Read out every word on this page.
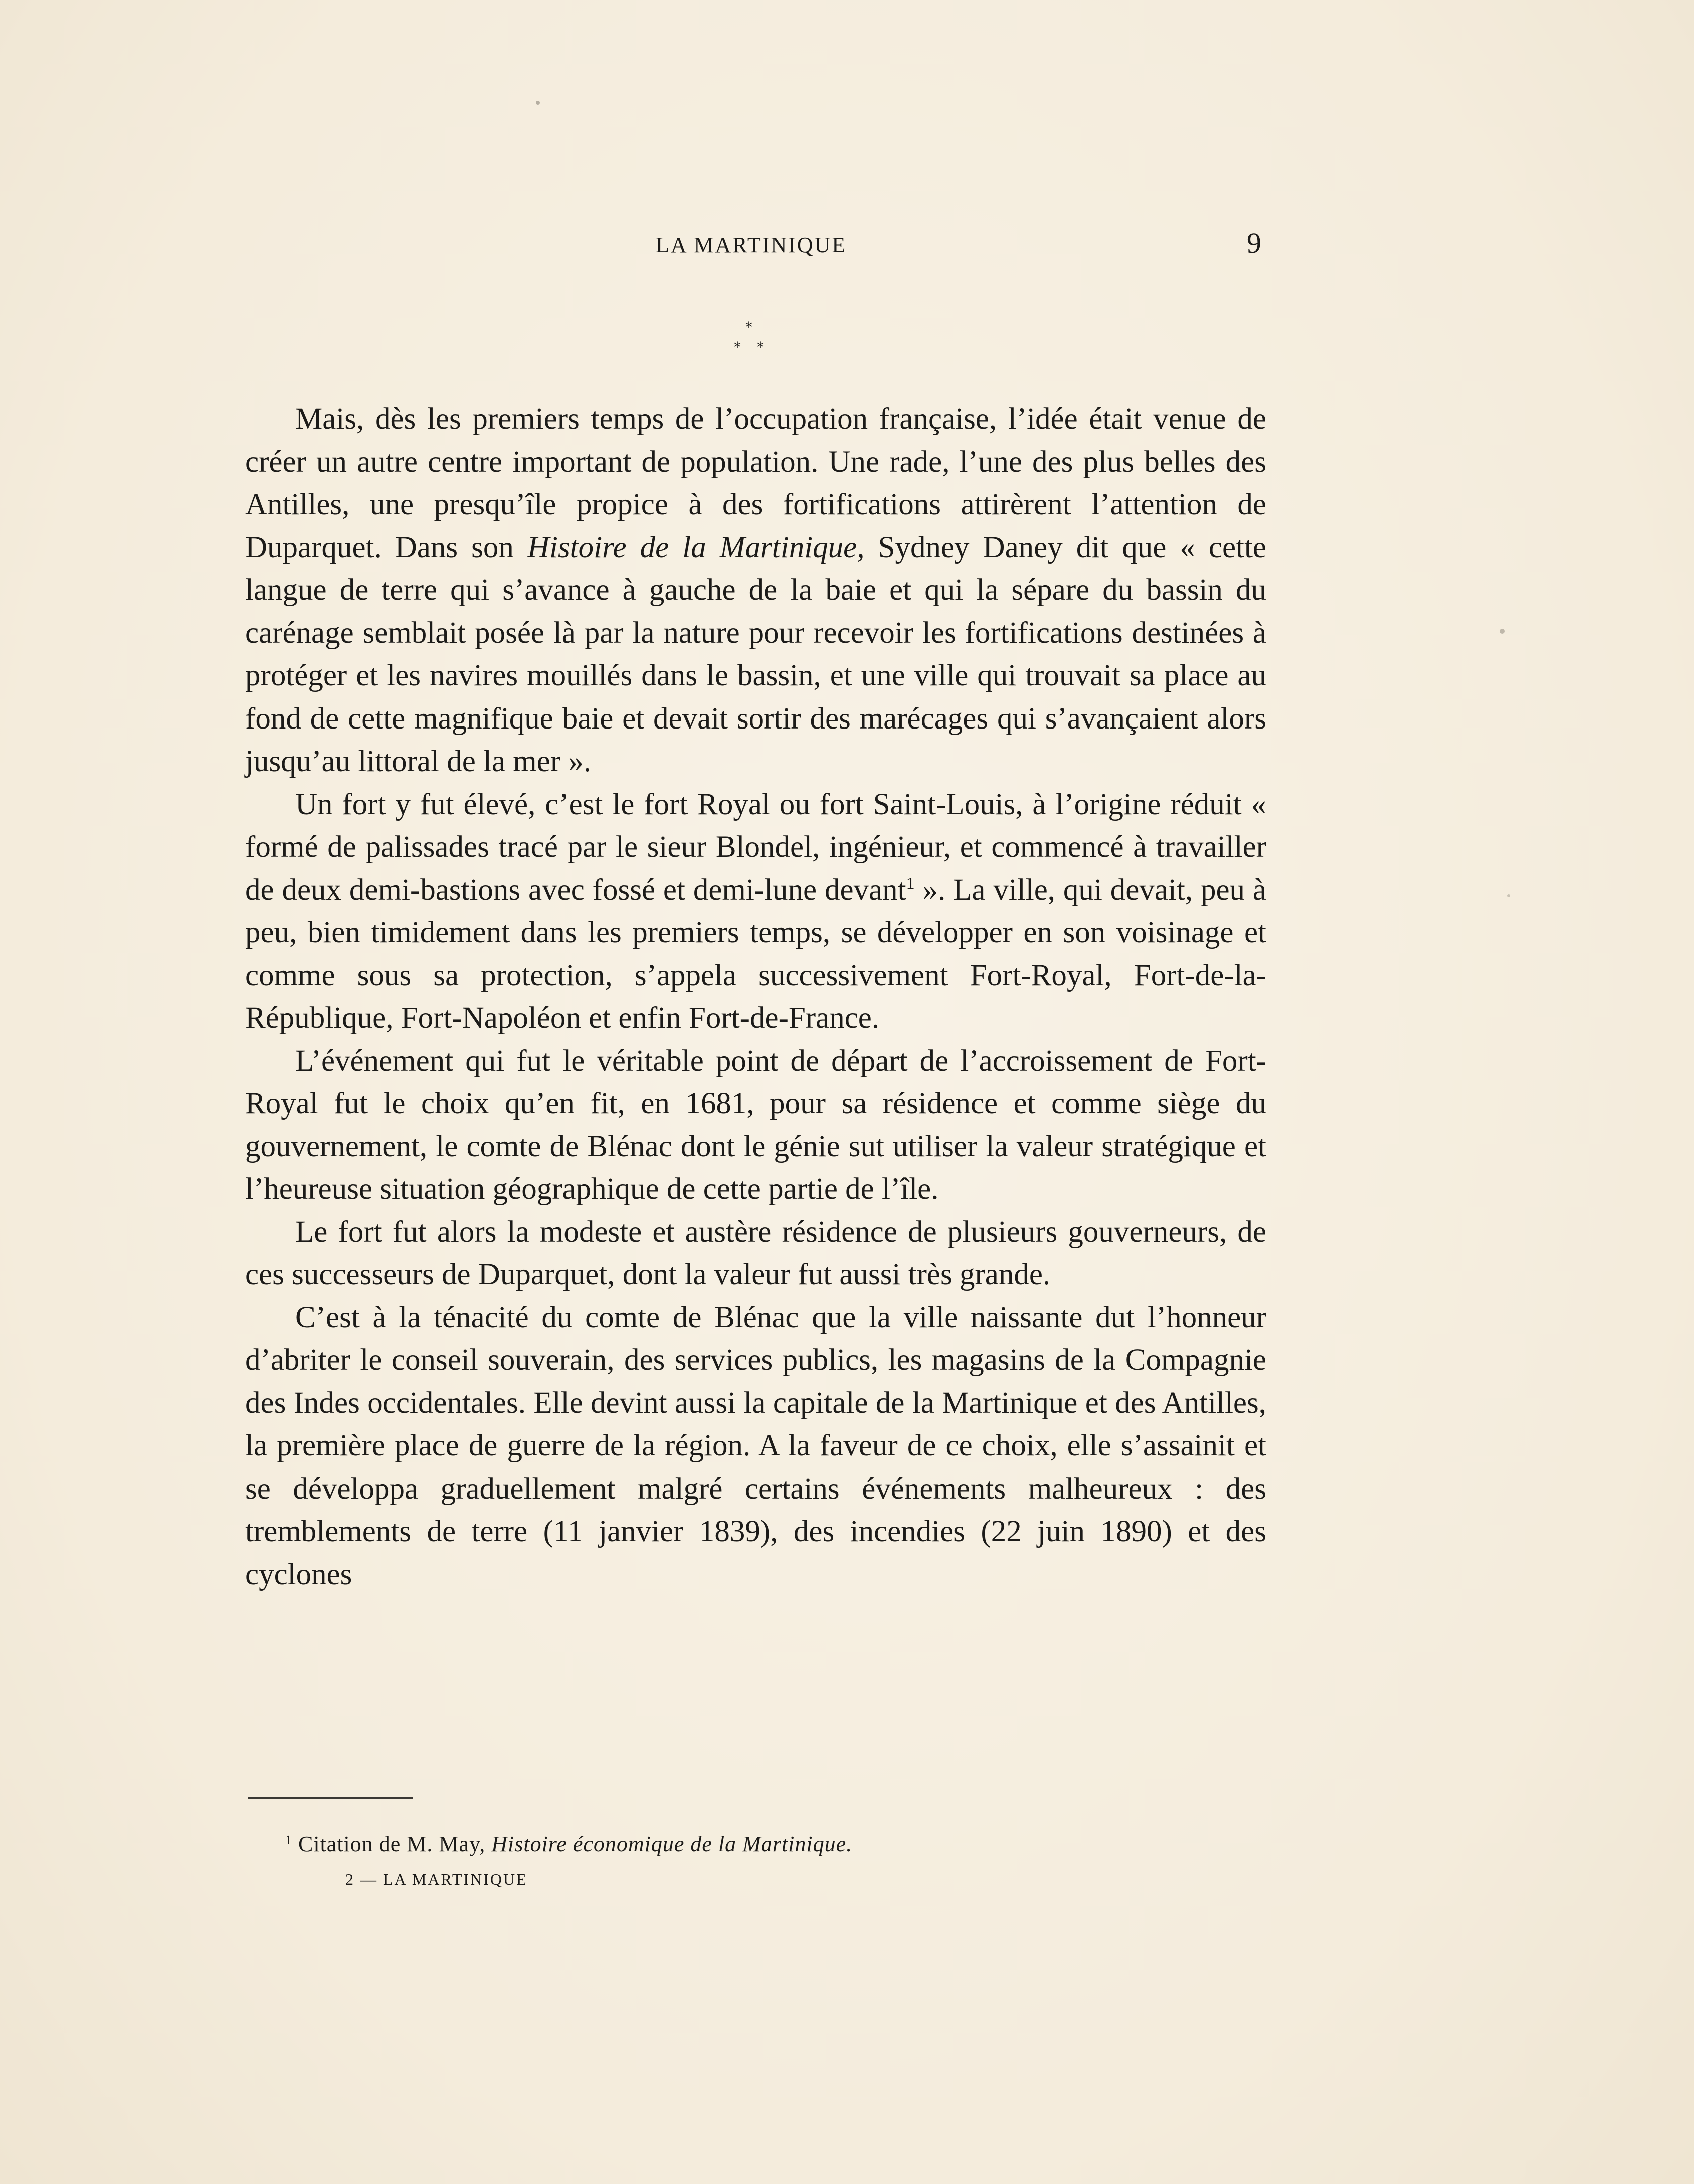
LA MARTINIQUE	9
*
* *

Mais, dès les premiers temps de l’occupation française, l’idée était venue de créer un autre centre important de population. Une rade, l’une des plus belles des Antilles, une presqu’île propice à des fortifications attirèrent l’attention de Duparquet. Dans son Histoire de la Martinique, Sydney Daney dit que « cette langue de terre qui s’avance à gauche de la baie et qui la sépare du bassin du carénage semblait posée là par la nature pour recevoir les fortifications destinées à protéger et les navires mouillés dans le bassin, et une ville qui trouvait sa place au fond de cette magnifique baie et devait sortir des marécages qui s’avançaient alors jusqu’au littoral de la mer ».

Un fort y fut élevé, c’est le fort Royal ou fort Saint-Louis, à l’origine réduit « formé de palissades tracé par le sieur Blondel, ingénieur, et commencé à travailler de deux demi-bastions avec fossé et demi-lune devant$^1$ ». La ville, qui devait, peu à peu, bien timidement dans les premiers temps, se développer en son voisinage et comme sous sa protection, s’appela successivement Fort-Royal, Fort-de-la-République, Fort-Napoléon et enfin Fort-de-France.

L’événement qui fut le véritable point de départ de l’accroissement de Fort-Royal fut le choix qu’en fit, en 1681, pour sa résidence et comme siège du gouvernement, le comte de Blénac dont le génie sut utiliser la valeur stratégique et l’heureuse situation géographique de cette partie de l’île.

Le fort fut alors la modeste et austère résidence de plusieurs gouverneurs, de ces successeurs de Duparquet, dont la valeur fut aussi très grande.

C’est à la ténacité du comte de Blénac que la ville naissante dut l’honneur d’abriter le conseil souverain, des services publics, les magasins de la Compagnie des Indes occidentales. Elle devint aussi la capitale de la Martinique et des Antilles, la première place de guerre de la région. A la faveur de ce choix, elle s’assainit et se développa graduellement malgré certains événements malheureux : des tremblements de terre (11 janvier 1839), des incendies (22 juin 1890) et des cyclones

$^1$ Citation de M. May, Histoire économique de la Martinique.
2 — LA MARTINIQUE
